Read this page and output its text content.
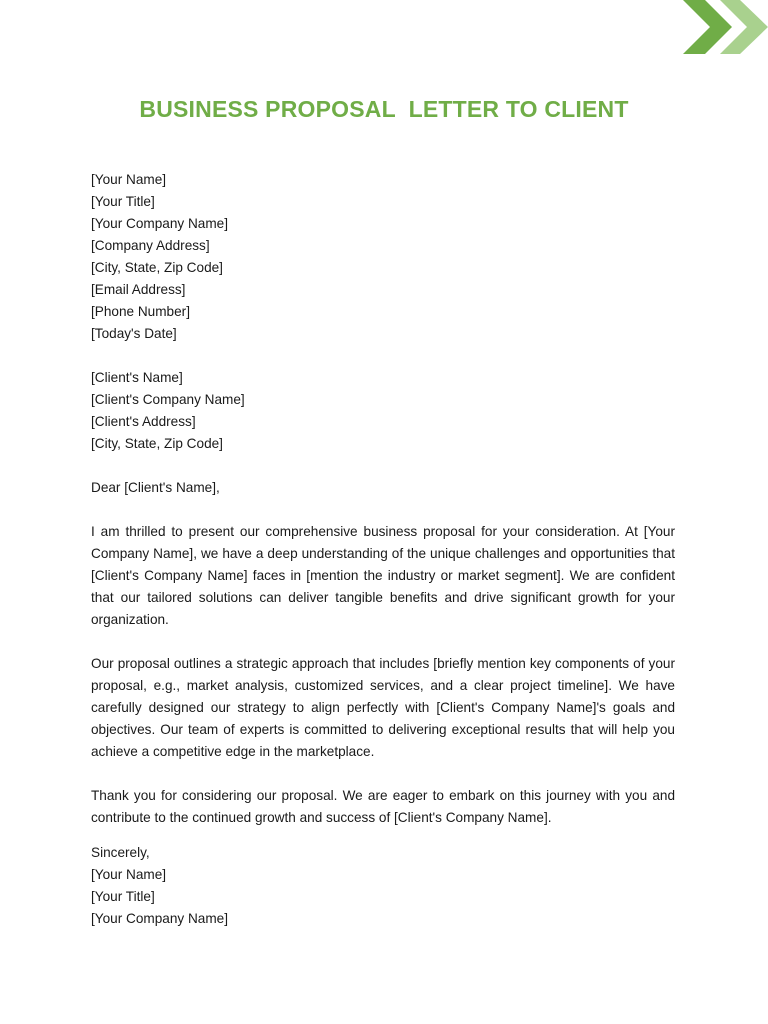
BUSINESS PROPOSAL  LETTER TO CLIENT
[Your Name]
[Your Title]
[Your Company Name]
[Company Address]
[City, State, Zip Code]
[Email Address]
[Phone Number]
[Today's Date]
[Client's Name]
[Client's Company Name]
[Client's Address]
[City, State, Zip Code]
Dear [Client's Name],
I am thrilled to present our comprehensive business proposal for your consideration. At [Your Company Name], we have a deep understanding of the unique challenges and opportunities that [Client's Company Name] faces in [mention the industry or market segment]. We are confident that our tailored solutions can deliver tangible benefits and drive significant growth for your organization.
Our proposal outlines a strategic approach that includes [briefly mention key components of your proposal, e.g., market analysis, customized services, and a clear project timeline]. We have carefully designed our strategy to align perfectly with [Client's Company Name]'s goals and objectives. Our team of experts is committed to delivering exceptional results that will help you achieve a competitive edge in the marketplace.
Thank you for considering our proposal. We are eager to embark on this journey with you and contribute to the continued growth and success of [Client's Company Name].
Sincerely,
[Your Name]
[Your Title]
[Your Company Name]
